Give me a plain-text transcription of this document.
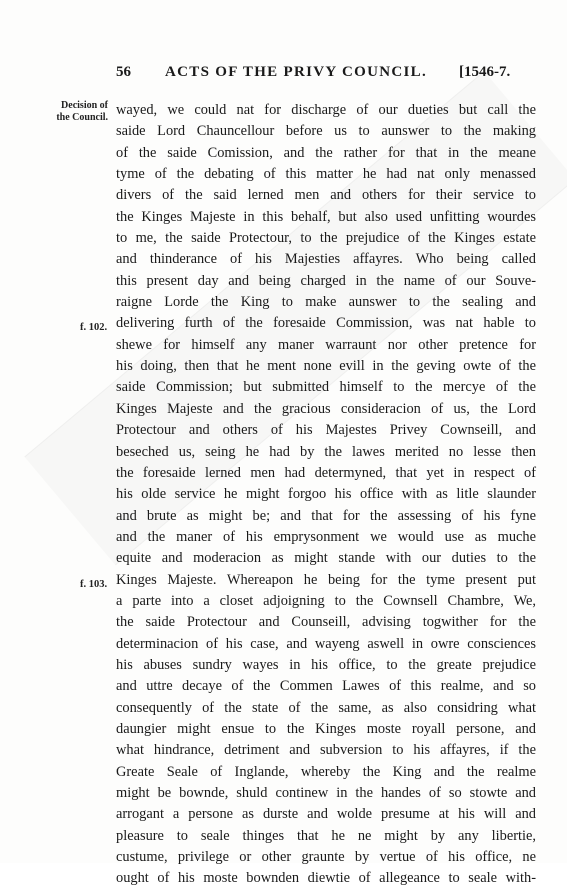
56 ACTS OF THE PRIVY COUNCIL. [1546-7.
Decision of
the Council.
f. 102.
f. 103.
wayed, we could nat for discharge of our dueties but call the
saide Lord Chauncellour before us to aunswer to the making
of the saide Comission, and the rather for that in the meane
tyme of the debating of this matter he had nat only menassed
divers of the said lerned men and others for their service to
the Kinges Majeste in this behalf, but also used unfitting wourdes
to me, the saide Protectour, to the prejudice of the Kinges estate
and thinderance of his Majesties affayres. Who being called
this present day and being charged in the name of our Souve-
raigne Lorde the King to make aunswer to the sealing and
delivering furth of the foresaide Commission, was nat hable to
shewe for himself any maner warraunt nor other pretence for
his doing, then that he ment none evill in the geving owte of the
saide Commission; but submitted himself to the mercye of the
Kinges Majeste and the gracious consideracion of us, the Lord
Protectour and others of his Majestes Privey Cownseill, and
beseched us, seing he had by the lawes merited no lesse then
the foresaide lerned men had determyned, that yet in respect of
his olde service he might forgoo his office with as litle slaunder
and brute as might be; and that for the assessing of his fyne
and the maner of his emprysonment we would use as muche
equite and moderacion as might stande with our duties to the
Kinges Majeste. Whereapon he being for the tyme present put
a parte into a closet adjoigning to the Cownsell Chambre, We,
the saide Protectour and Counseill, advising togwither for the
determinacion of his case, and wayeng aswell in owre consciences
his abuses sundry wayes in his office, to the greate prejudice
and uttre decaye of the Commen Lawes of this realme, and so
consequently of the state of the same, as also considring what
daungier might ensue to the Kinges moste royall persone, and
what hindrance, detriment and subversion to his affayres, if the
Greate Seale of Inglande, whereby the King and the realme
might be bownde, shuld continew in the handes of so stowte and
arrogant a persone as durste and wolde presume at his will and
pleasure to seale thinges that he ne might by any libertie,
custume, privilege or other graunte by vertue of his office, ne
ought of his moste bownden diewtie of allegeance to seale with-
